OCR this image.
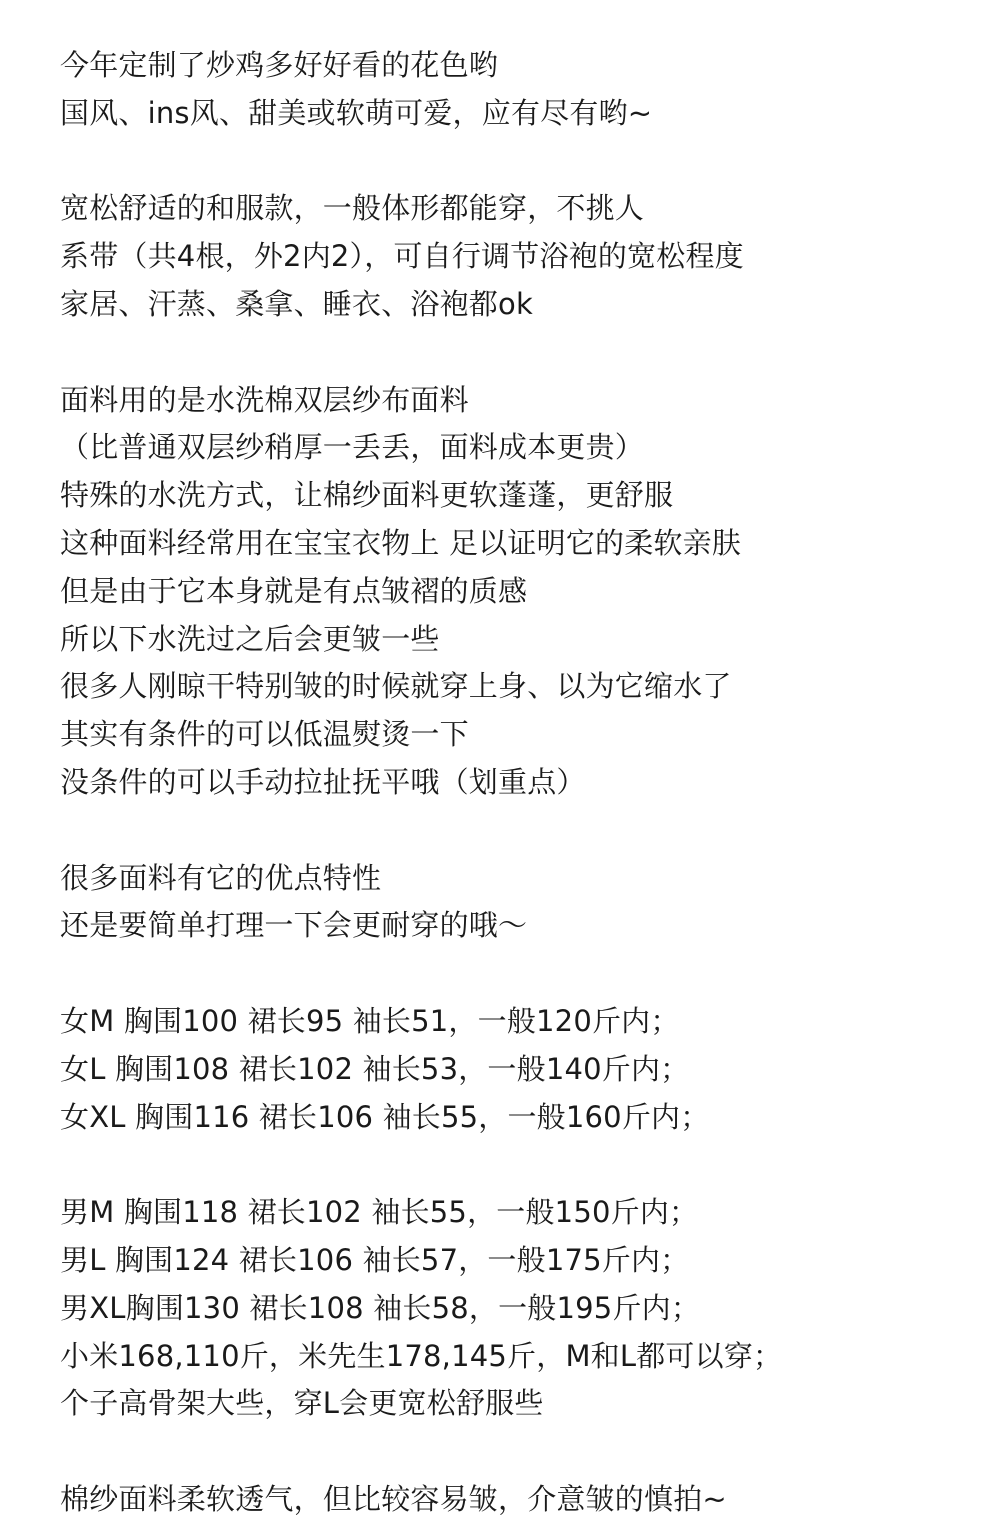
今年定制了炒鸡多好好看的花色哟
国风、ins风、甜美或软萌可爱，应有尽有哟~
宽松舒适的和服款，一般体形都能穿，不挑人
系带（共4根，外2内2），可自行调节浴袍的宽松程度
家居、汗蒸、桑拿、睡衣、浴袍都ok
面料用的是水洗棉双层纱布面料
（比普通双层纱稍厚一丢丢，面料成本更贵）
特殊的水洗方式，让棉纱面料更软蓬蓬，更舒服
这种面料经常用在宝宝衣物上 足以证明它的柔软亲肤
但是由于它本身就是有点皱褶的质感
所以下水洗过之后会更皱一些
很多人刚晾干特别皱的时候就穿上身、以为它缩水了
其实有条件的可以低温熨烫一下
没条件的可以手动拉扯抚平哦（划重点）
很多面料有它的优点特性
还是要简单打理一下会更耐穿的哦～
女M 胸围100 裙长95 袖长51，一般120斤内；
女L 胸围108 裙长102 袖长53，一般140斤内；
女XL 胸围116 裙长106 袖长55，一般160斤内；
男M 胸围118 裙长102 袖长55，一般150斤内；
男L 胸围124 裙长106 袖长57，一般175斤内；
男XL胸围130 裙长108 袖长58，一般195斤内；
小米168,110斤，米先生178,145斤，M和L都可以穿；
个子高骨架大些，穿L会更宽松舒服些
棉纱面料柔软透气，但比较容易皱，介意皱的慎拍~
